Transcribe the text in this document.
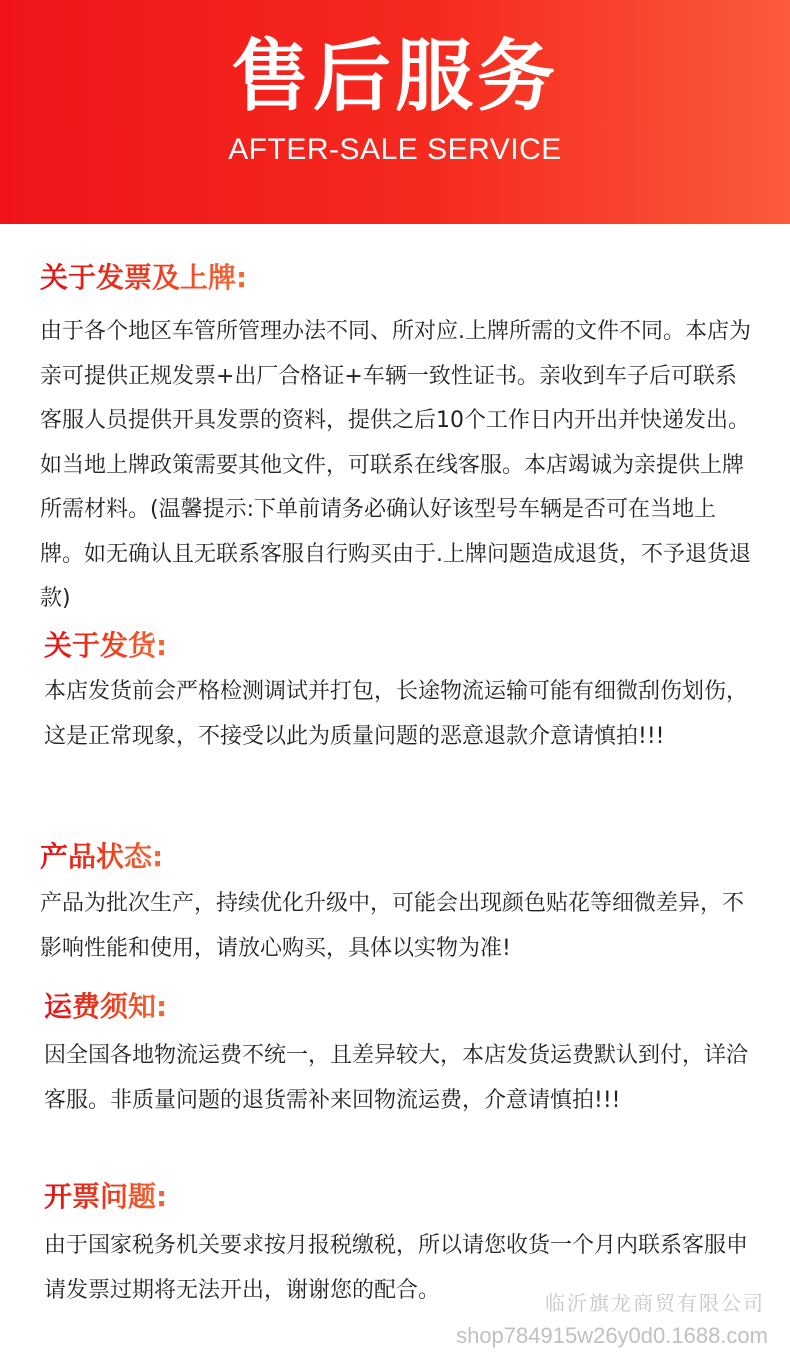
售后服务
AFTER-SALE SERVICE
关于发票及上牌:

由于各个地区车管所管理办法不同、所对应.上牌所需的文件不同。本店为亲可提供正规发票+出厂合格证+车辆一致性证书。亲收到车子后可联系客服人员提供开具发票的资料，提供之后10个工作日内开出并快递发出。如当地上牌政策需要其他文件，可联系在线客服。本店竭诚为亲提供上牌所需材料。(温馨提示:下单前请务必确认好该型号车辆是否可在当地上牌。如无确认且无联系客服自行购买由于.上牌问题造成退货，不予退货退款)

关于发货:

本店发货前会严格检测调试并打包，长途物流运输可能有细微刮伤划伤，这是正常现象，不接受以此为质量问题的恶意退款介意请慎拍!!!

产品状态:

产品为批次生产，持续优化升级中，可能会出现颜色贴花等细微差异，不影响性能和使用，请放心购买，具体以实物为准!

运费须知:

因全国各地物流运费不统一，且差异较大，本店发货运费默认到付，详洽客服。非质量问题的退货需补来回物流运费，介意请慎拍!!!

开票问题:

由于国家税务机关要求按月报税缴税，所以请您收货一个月内联系客服申请发票过期将无法开出，谢谢您的配合。

临沂旗龙商贸有限公司
shop784915w26y0d0.1688.com
